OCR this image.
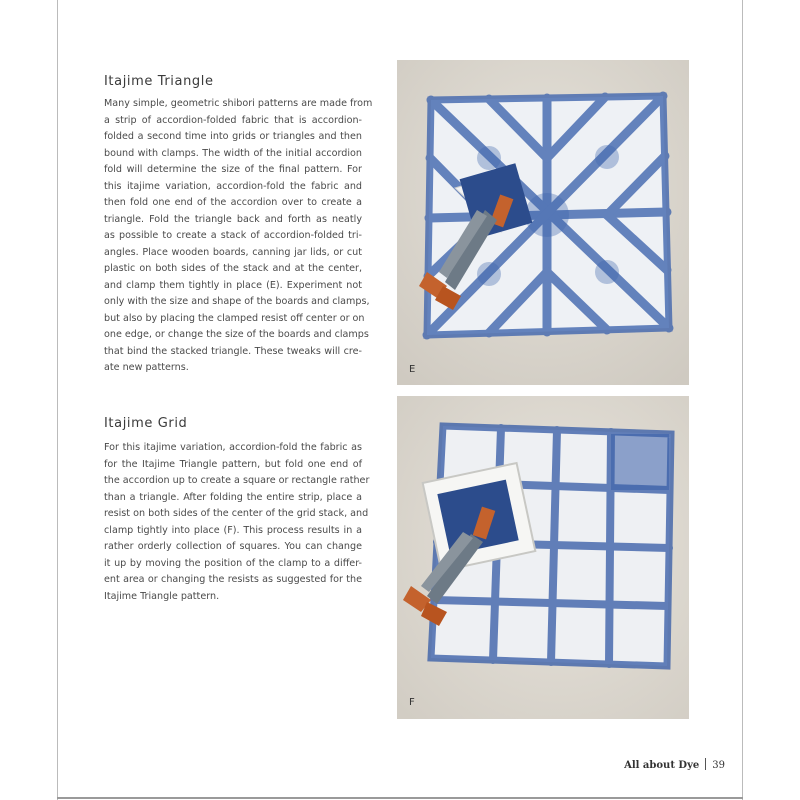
Itajime Triangle
Many simple, geometric shibori patterns are made from
a strip of accordion-folded fabric that is accordion-
folded a second time into grids or triangles and then
bound with clamps. The width of the initial accordion
fold will determine the size of the final pattern. For
this itajime variation, accordion-fold the fabric and
then fold one end of the accordion over to create a
triangle. Fold the triangle back and forth as neatly
as possible to create a stack of accordion-folded tri-
angles. Place wooden boards, canning jar lids, or cut
plastic on both sides of the stack and at the center,
and clamp them tightly in place (E). Experiment not
only with the size and shape of the boards and clamps,
but also by placing the clamped resist off center or on
one edge, or change the size of the boards and clamps
that bind the stacked triangle. These tweaks will cre-
ate new patterns.
Itajime Grid
For this itajime variation, accordion-fold the fabric as
for the Itajime Triangle pattern, but fold one end of
the accordion up to create a square or rectangle rather
than a triangle. After folding the entire strip, place a
resist on both sides of the center of the grid stack, and
clamp tightly into place (F). This process results in a
rather orderly collection of squares. You can change
it up by moving the position of the clamp to a differ-
ent area or changing the resists as suggested for the
Itajime Triangle pattern.
E
F
All about Dye 39
